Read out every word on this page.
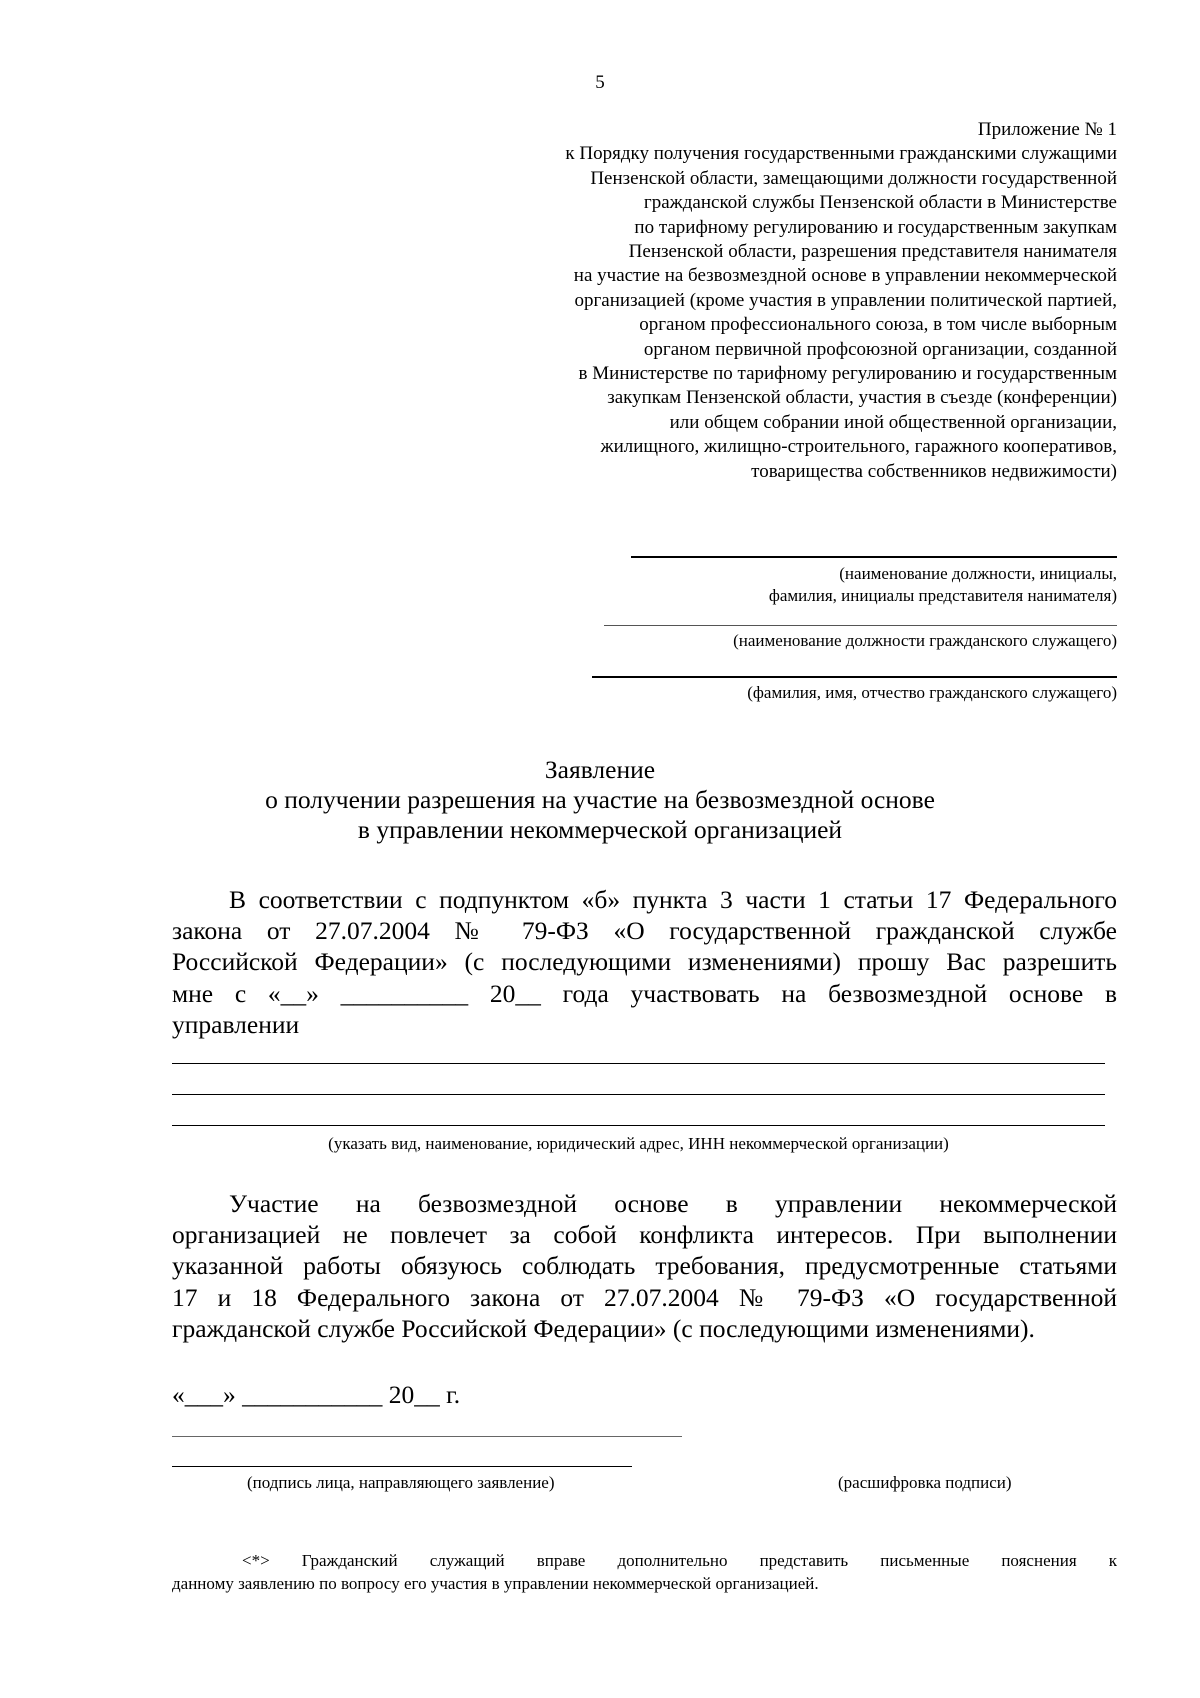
5
Приложение № 1
к Порядку получения государственными гражданскими служащими
Пензенской области, замещающими должности государственной
гражданской службы Пензенской области в Министерстве
по тарифному регулированию и государственным закупкам
Пензенской области, разрешения представителя нанимателя
на участие на безвозмездной основе в управлении некоммерческой
организацией (кроме участия в управлении политической партией,
органом профессионального союза, в том числе выборным
органом первичной профсоюзной организации, созданной
в Министерстве по тарифному регулированию и государственным
закупкам Пензенской области, участия в съезде (конференции)
или общем собрании иной общественной организации,
жилищного, жилищно-строительного, гаражного кооперативов,
товарищества собственников недвижимости)
(наименование должности, инициалы,
фамилия, инициалы представителя нанимателя)
(наименование должности гражданского служащего)
(фамилия, имя, отчество гражданского служащего)
Заявление
о получении разрешения на участие на безвозмездной основе
в управлении некоммерческой организацией
В соответствии с подпунктом «б» пункта 3 части 1 статьи 17 Федерального
закона от 27.07.2004 № 79-ФЗ «О государственной гражданской службе
Российской Федерации» (с последующими изменениями) прошу Вас разрешить
мне с «__» __________ 20__ года участвовать на безвозмездной основе в
управлении
(указать вид, наименование, юридический адрес, ИНН некоммерческой организации)
Участие на безвозмездной основе в управлении некоммерческой
организацией не повлечет за собой конфликта интересов. При выполнении
указанной работы обязуюсь соблюдать требования, предусмотренные статьями
17 и 18 Федерального закона от 27.07.2004 № 79-ФЗ «О государственной
гражданской службе Российской Федерации» (с последующими изменениями).
«___» ___________ 20__ г.
(подпись лица, направляющего заявление)	(расшифровка подписи)
<*> Гражданский служащий вправе дополнительно представить письменные пояснения к
данному заявлению по вопросу его участия в управлении некоммерческой организацией.
